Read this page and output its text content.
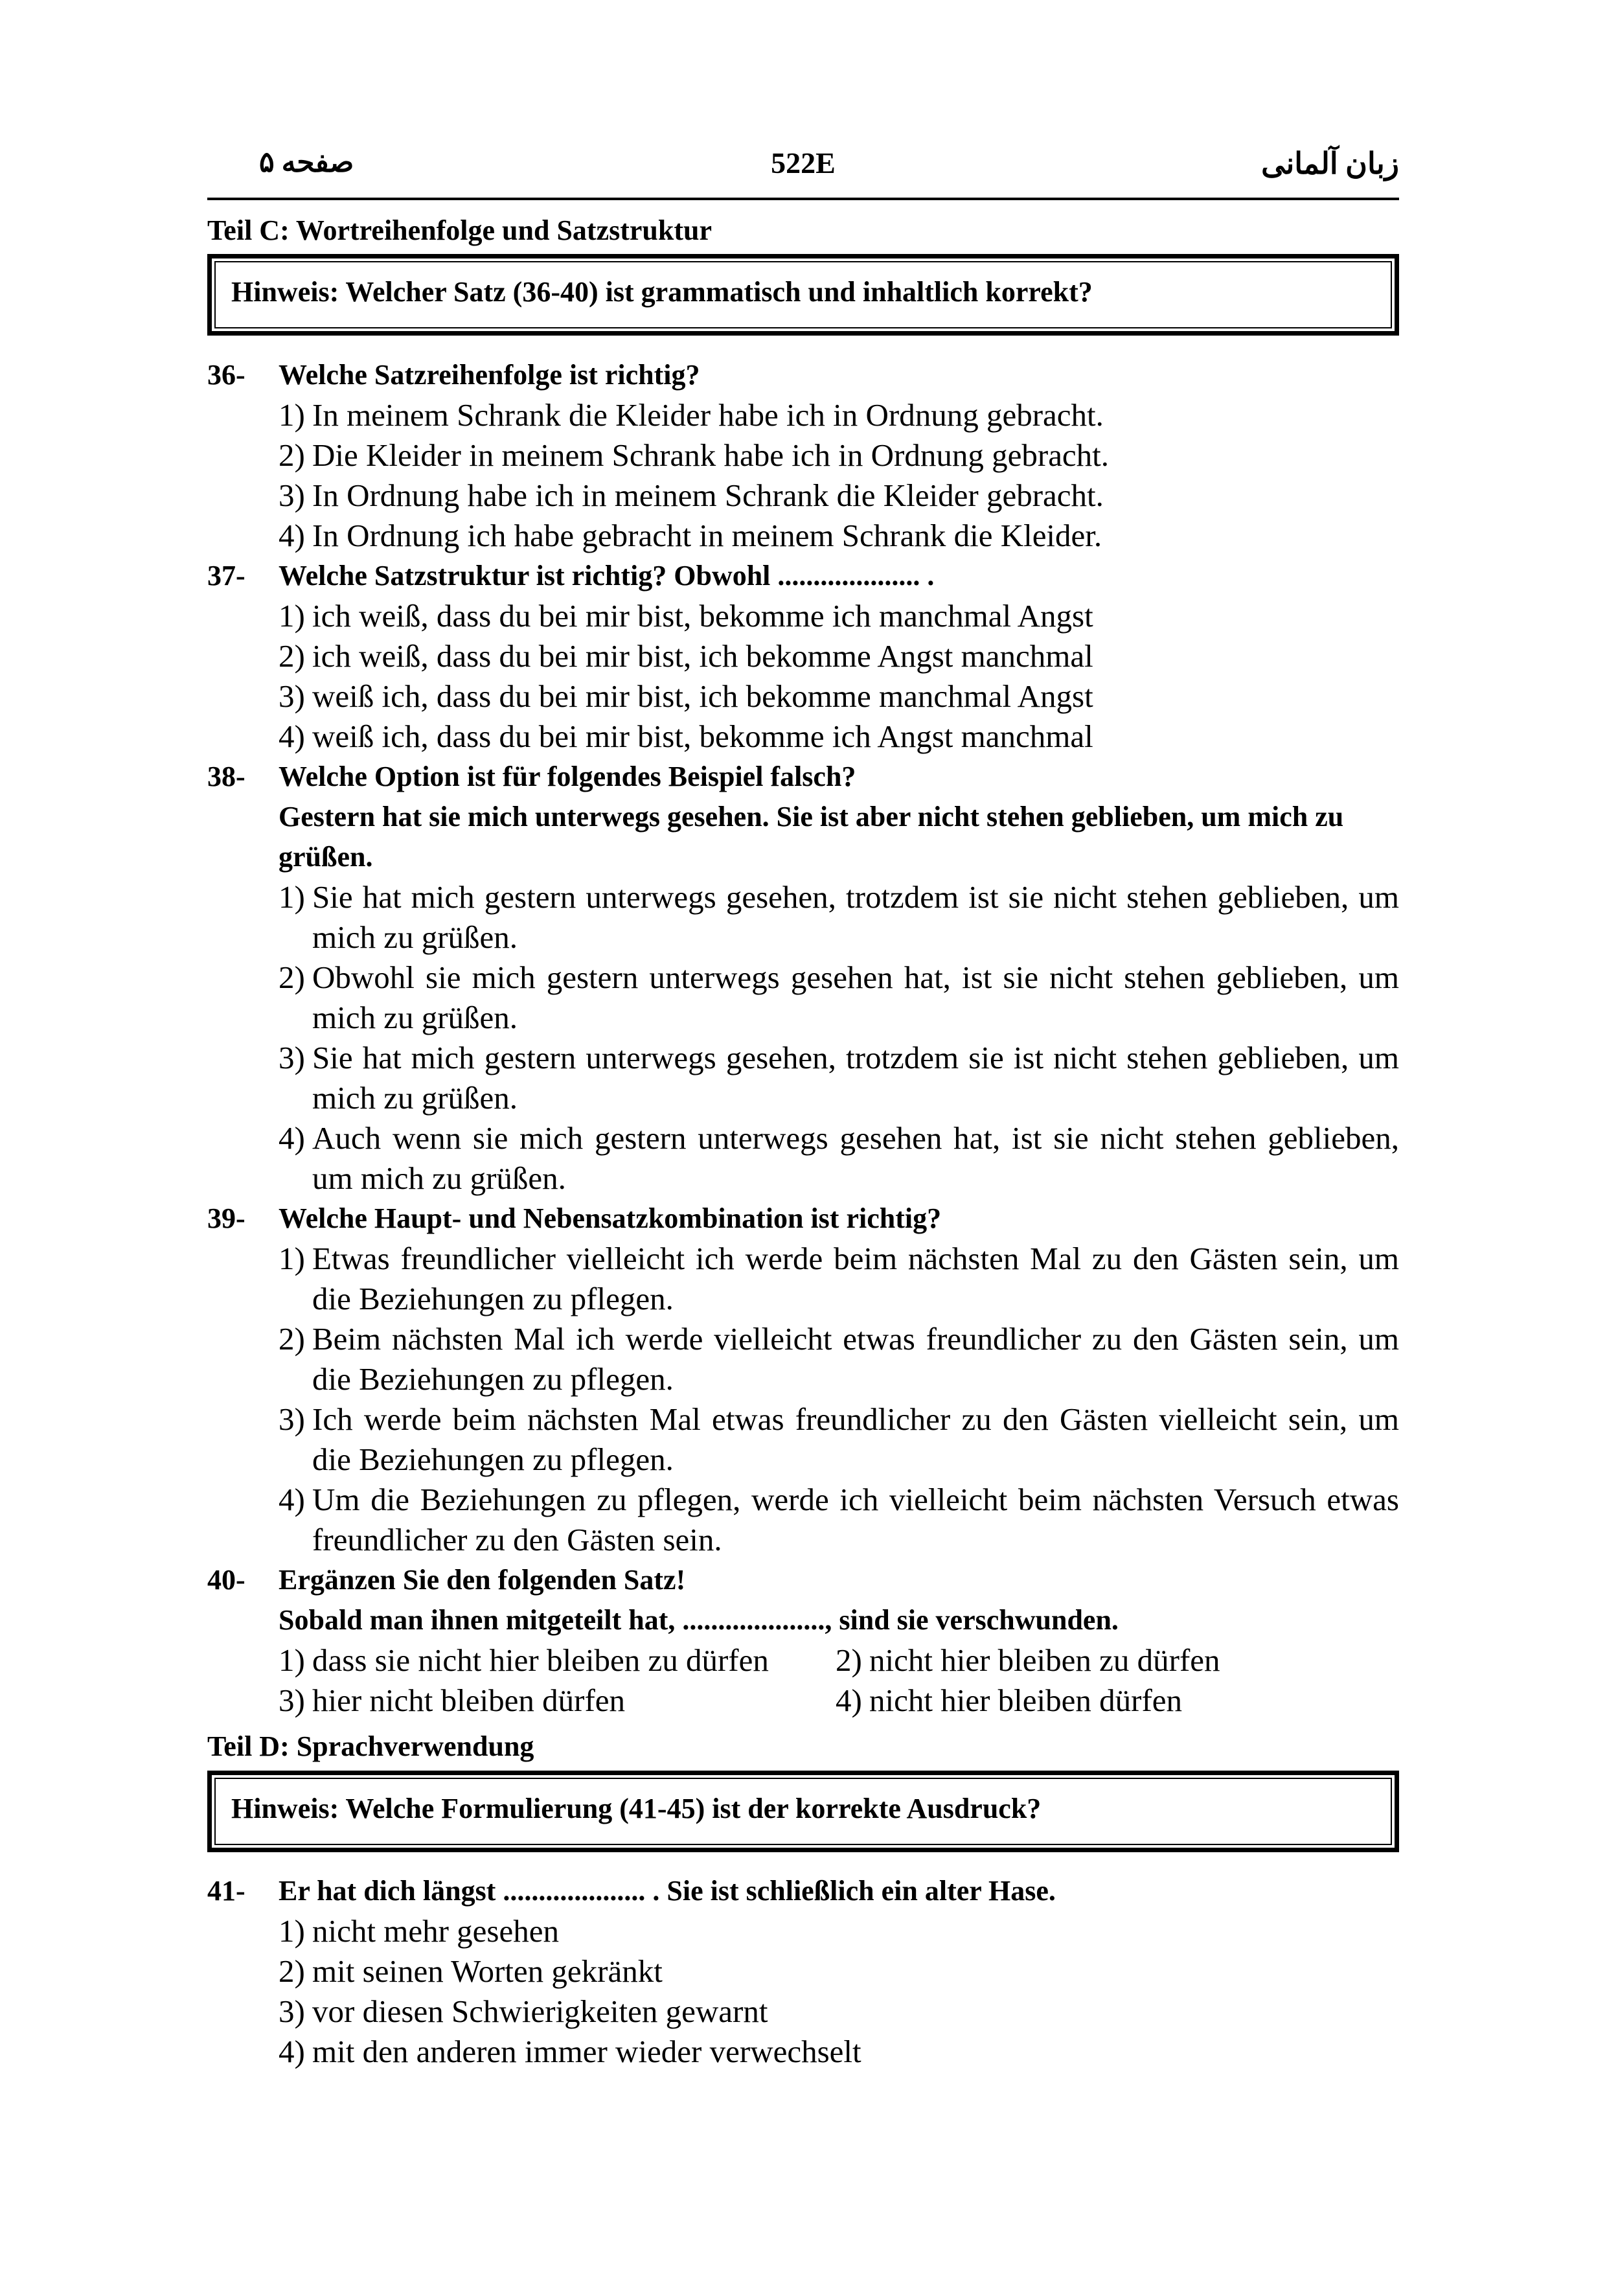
صفحه ۵	522E	زبان آلمانی
Teil C: Wortreihenfolge und Satzstruktur
Hinweis: Welcher Satz (36-40) ist grammatisch und inhaltlich korrekt?
36- Welche Satzreihenfolge ist richtig?
1) In meinem Schrank die Kleider habe ich in Ordnung gebracht.
2) Die Kleider in meinem Schrank habe ich in Ordnung gebracht.
3) In Ordnung habe ich in meinem Schrank die Kleider gebracht.
4) In Ordnung ich habe gebracht in meinem Schrank die Kleider.
37- Welche Satzstruktur ist richtig? Obwohl .................... .
1) ich weiß, dass du bei mir bist, bekomme ich manchmal Angst
2) ich weiß, dass du bei mir bist, ich bekomme Angst manchmal
3) weiß ich, dass du bei mir bist, ich bekomme manchmal Angst
4) weiß ich, dass du bei mir bist, bekomme ich Angst manchmal
38- Welche Option ist für folgendes Beispiel falsch?
Gestern hat sie mich unterwegs gesehen. Sie ist aber nicht stehen geblieben, um mich zu grüßen.
1) Sie hat mich gestern unterwegs gesehen, trotzdem ist sie nicht stehen geblieben, um mich zu grüßen.
2) Obwohl sie mich gestern unterwegs gesehen hat, ist sie nicht stehen geblieben, um mich zu grüßen.
3) Sie hat mich gestern unterwegs gesehen, trotzdem sie ist nicht stehen geblieben, um mich zu grüßen.
4) Auch wenn sie mich gestern unterwegs gesehen hat, ist sie nicht stehen geblieben, um mich zu grüßen.
39- Welche Haupt- und Nebensatzkombination ist richtig?
1) Etwas freundlicher vielleicht ich werde beim nächsten Mal zu den Gästen sein, um die Beziehungen zu pflegen.
2) Beim nächsten Mal ich werde vielleicht etwas freundlicher zu den Gästen sein, um die Beziehungen zu pflegen.
3) Ich werde beim nächsten Mal etwas freundlicher zu den Gästen vielleicht sein, um die Beziehungen zu pflegen.
4) Um die Beziehungen zu pflegen, werde ich vielleicht beim nächsten Versuch etwas freundlicher zu den Gästen sein.
40- Ergänzen Sie den folgenden Satz!
Sobald man ihnen mitgeteilt hat, ...................., sind sie verschwunden.
1) dass sie nicht hier bleiben zu dürfen	2) nicht hier bleiben zu dürfen
3) hier nicht bleiben dürfen	4) nicht hier bleiben dürfen
Teil D: Sprachverwendung
Hinweis: Welche Formulierung (41-45) ist der korrekte Ausdruck?
41- Er hat dich längst .................... . Sie ist schließlich ein alter Hase.
1) nicht mehr gesehen
2) mit seinen Worten gekränkt
3) vor diesen Schwierigkeiten gewarnt
4) mit den anderen immer wieder verwechselt
